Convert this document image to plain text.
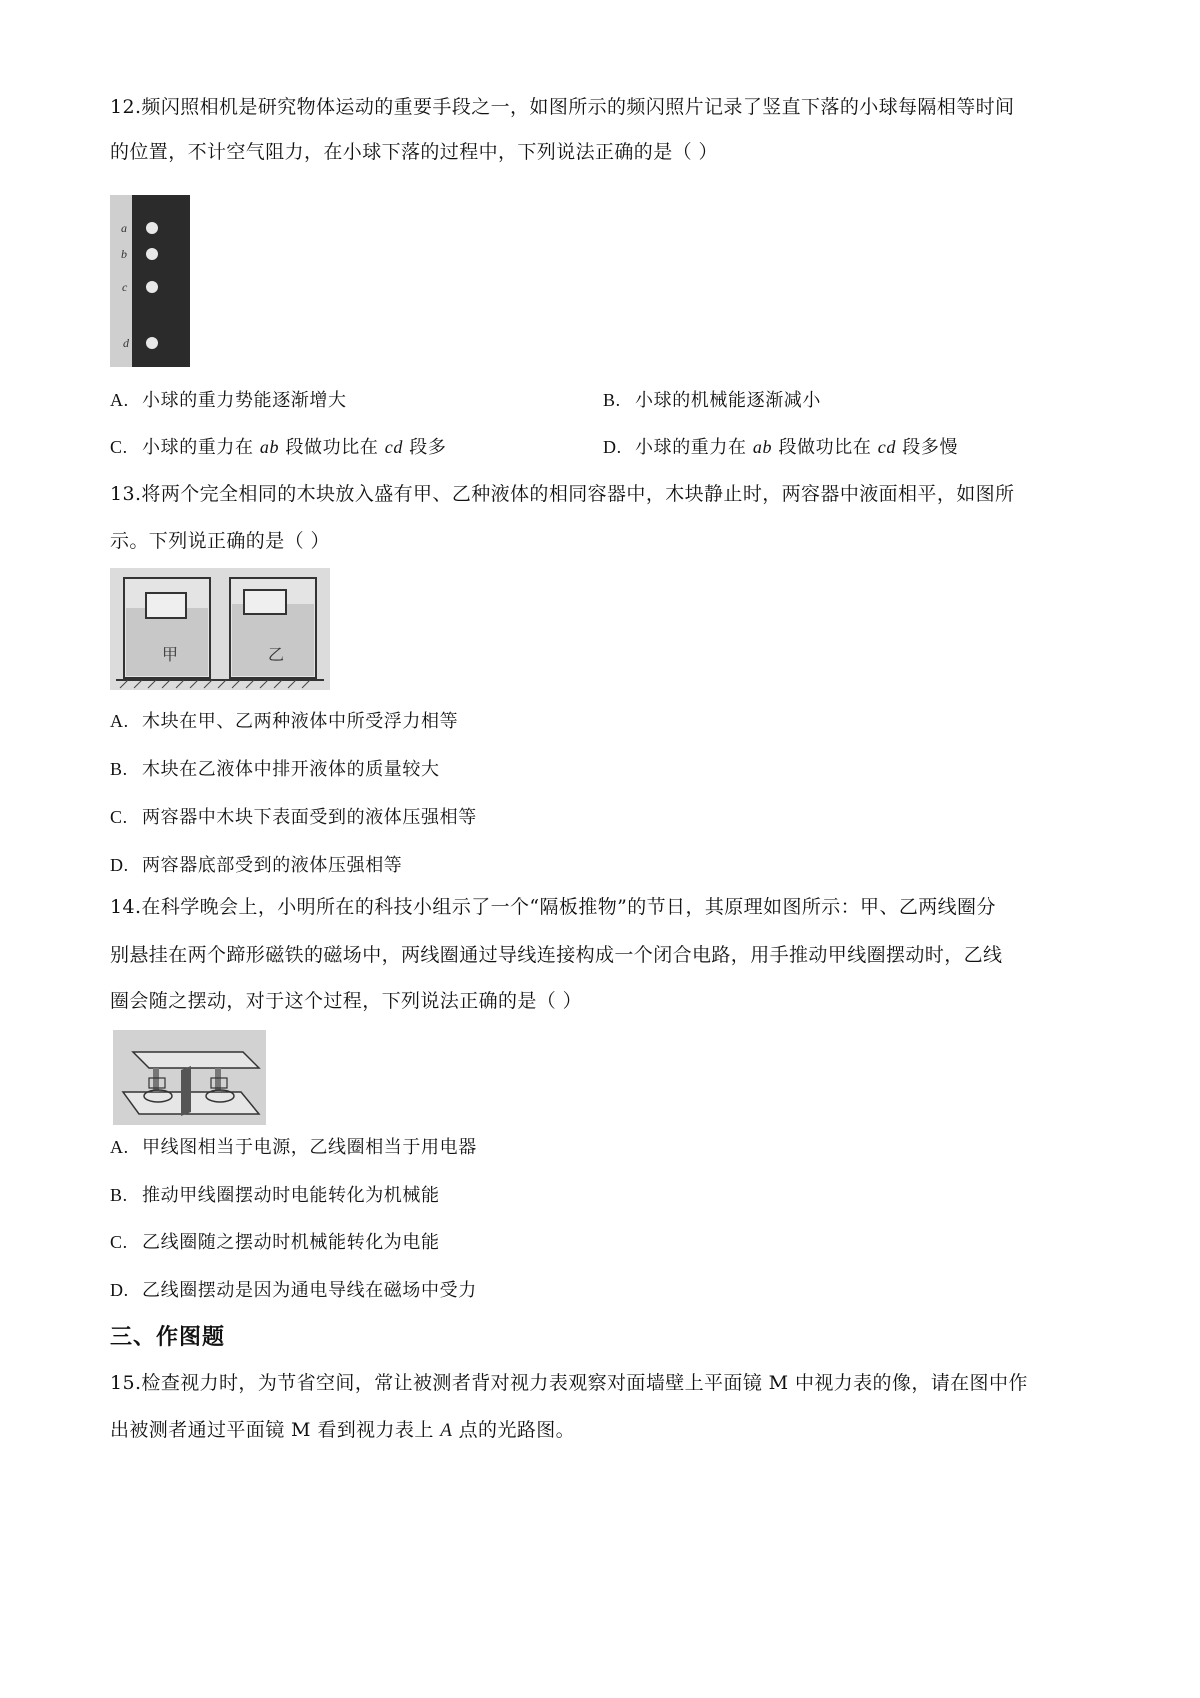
12.频闪照相机是研究物体运动的重要手段之一，如图所示的频闪照片记录了竖直下落的小球每隔相等时间
的位置，不计空气阻力，在小球下落的过程中，下列说法正确的是（ ）
a
b
c
d
A. 小球的重力势能逐渐增大	B. 小球的机械能逐渐减小
C. 小球的重力在 ab 段做功比在 cd 段多	D. 小球的重力在 ab 段做功比在 cd 段多慢
13.将两个完全相同的木块放入盛有甲、乙种液体的相同容器中，木块静止时，两容器中液面相平，如图所
示。下列说正确的是（ ）
甲	乙
A. 木块在甲、乙两种液体中所受浮力相等
B. 木块在乙液体中排开液体的质量较大
C. 两容器中木块下表面受到的液体压强相等
D. 两容器底部受到的液体压强相等
14.在科学晚会上，小明所在的科技小组示了一个“隔板推物”的节日，其原理如图所示：甲、乙两线圈分
别悬挂在两个蹄形磁铁的磁场中，两线圈通过导线连接构成一个闭合电路，用手推动甲线圈摆动时，乙线
圈会随之摆动，对于这个过程，下列说法正确的是（ ）
A. 甲线图相当于电源，乙线圈相当于用电器
B. 推动甲线圈摆动时电能转化为机械能
C. 乙线圈随之摆动时机械能转化为电能
D. 乙线圈摆动是因为通电导线在磁场中受力
三、作图题
15.检查视力时，为节省空间，常让被测者背对视力表观察对面墙壁上平面镜 M 中视力表的像，请在图中作
出被测者通过平面镜 M 看到视力表上 A 点的光路图。
